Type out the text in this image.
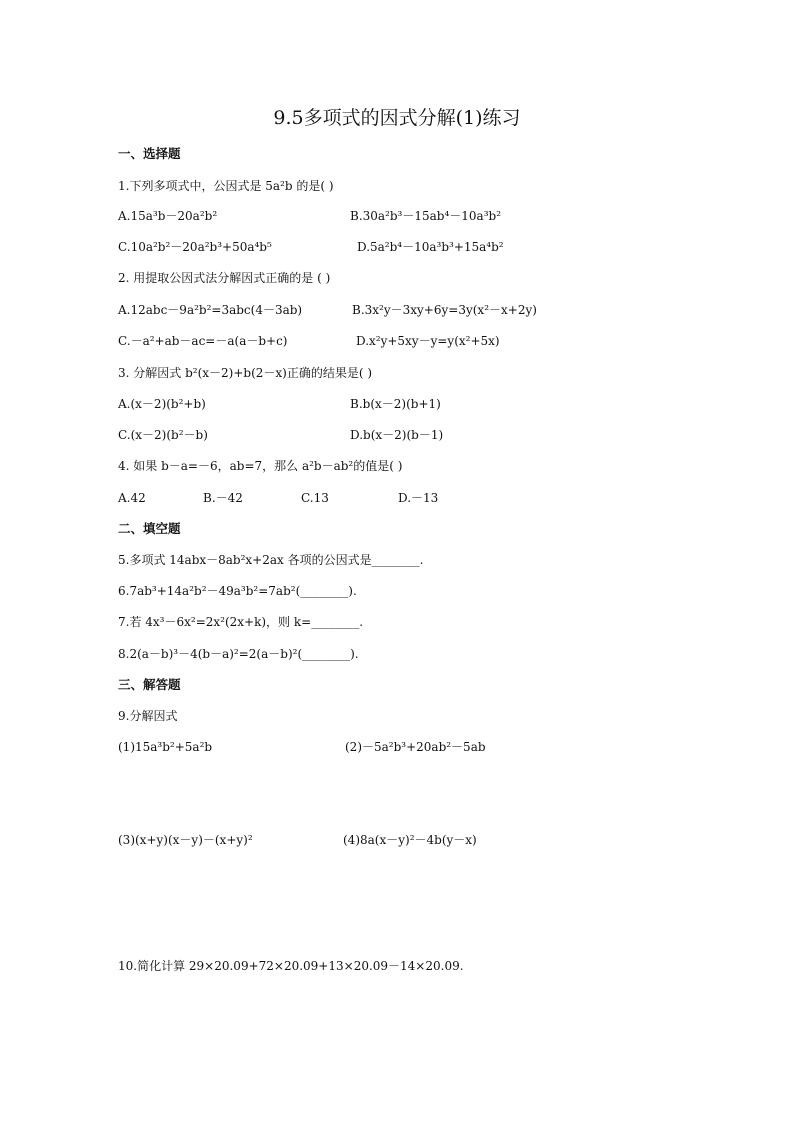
9.5多项式的因式分解(1)练习
一、选择题
1.下列多项式中，公因式是 5a²b 的是( )
A.15a³b－20a²b²	B.30a²b³－15ab⁴－10a³b²
C.10a²b²－20a²b³+50a⁴b⁵	D.5a²b⁴－10a³b³+15a⁴b²
2. 用提取公因式法分解因式正确的是 ( )
A.12abc－9a²b²=3abc(4－3ab)	B.3x²y－3xy+6y=3y(x²－x+2y)
C.－a²+ab－ac=－a(a－b+c)	D.x²y+5xy－y=y(x²+5x)
3. 分解因式 b²(x－2)+b(2－x)正确的结果是( )
A.(x－2)(b²+b)	B.b(x－2)(b+1)
C.(x－2)(b²－b)	D.b(x－2)(b－1)
4. 如果 b－a=－6，ab=7，那么 a²b－ab²的值是( )
A.42	B.－42	C.13	D.－13
二、填空题
5.多项式 14abx－8ab²x+2ax 各项的公因式是________.
6.7ab³+14a²b²－49a³b²=7ab²(________).
7.若 4x³－6x²=2x²(2x+k)，则 k=________.
8.2(a－b)³－4(b－a)²=2(a－b)²(________).
三、解答题
9.分解因式
(1)15a³b²+5a²b	(2)－5a²b³+20ab²－5ab
(3)(x+y)(x－y)－(x+y)²	(4)8a(x－y)²－4b(y－x)
10.简化计算 29×20.09+72×20.09+13×20.09－14×20.09.
